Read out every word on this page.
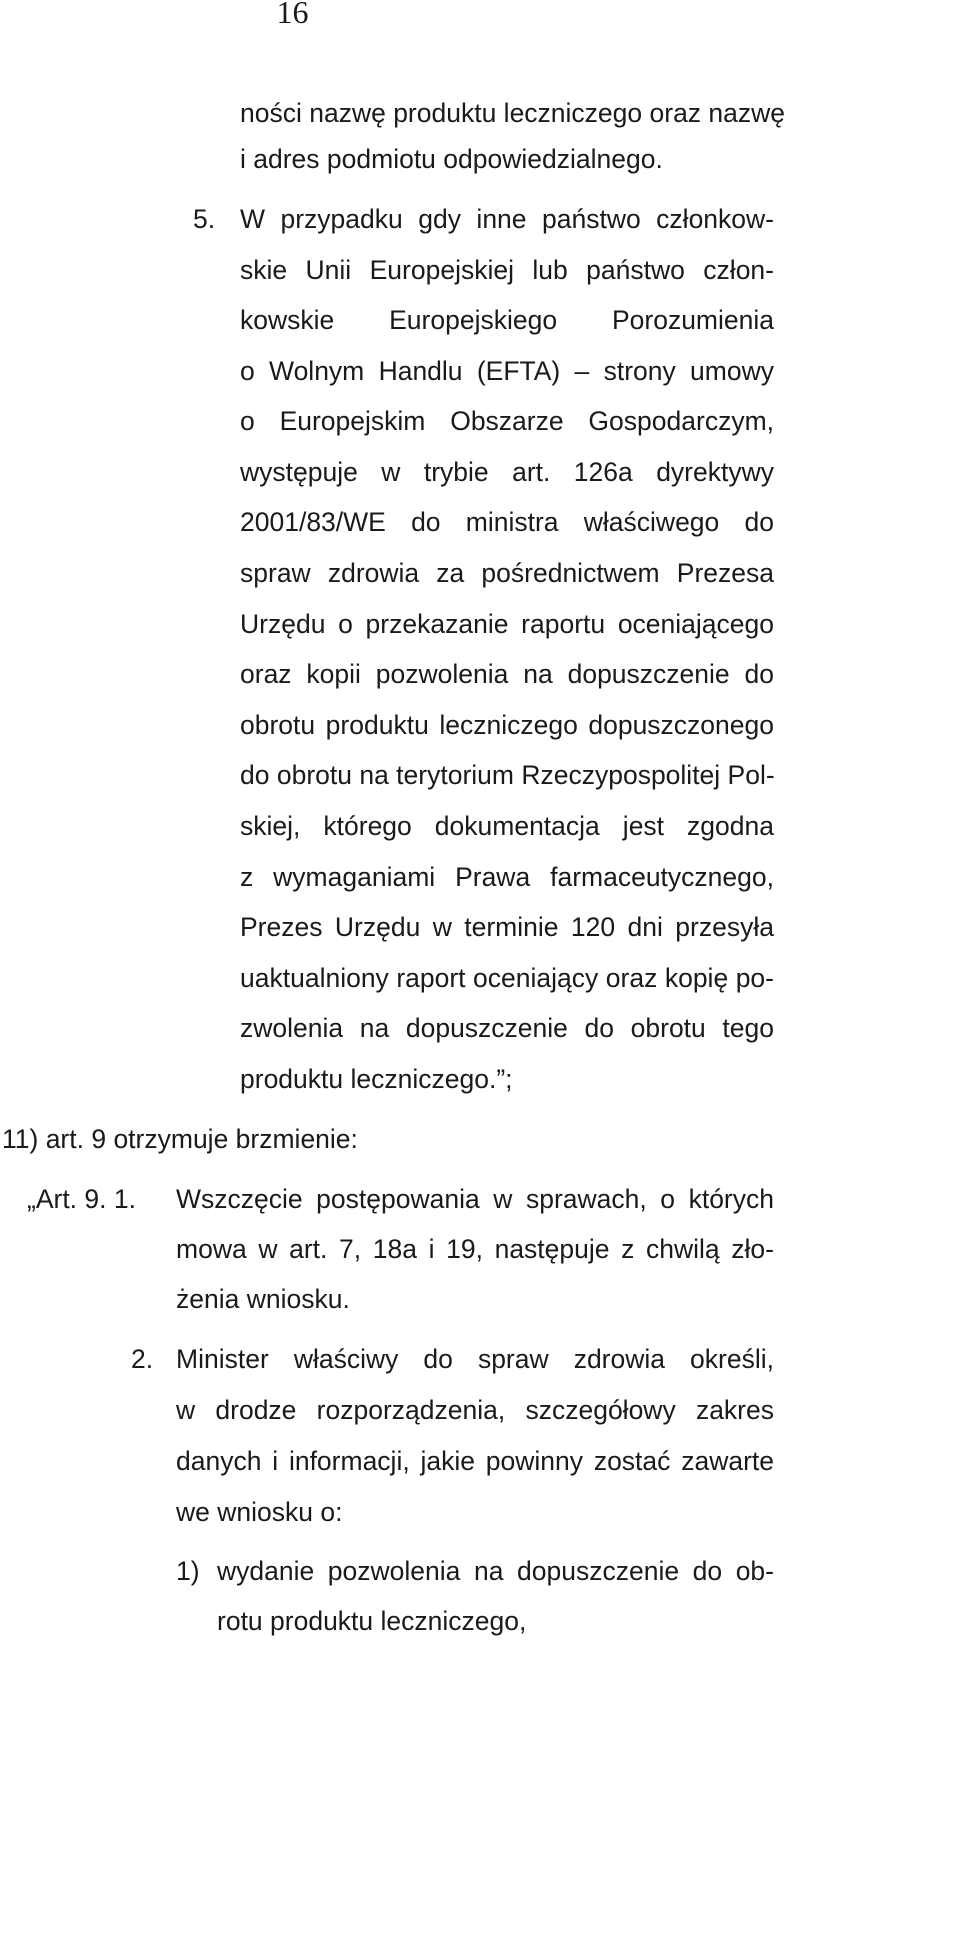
16
ności nazwę produktu leczniczego oraz nazwę
i adres podmiotu odpowiedzialnego.
5. W przypadku gdy inne państwo członkow-
skie Unii Europejskiej lub państwo człon-
kowskie Europejskiego Porozumienia
o Wolnym Handlu (EFTA) – strony umowy
o Europejskim Obszarze Gospodarczym,
występuje w trybie art. 126a dyrektywy
2001/83/WE do ministra właściwego do
spraw zdrowia za pośrednictwem Prezesa
Urzędu o przekazanie raportu oceniającego
oraz kopii pozwolenia na dopuszczenie do
obrotu produktu leczniczego dopuszczonego
do obrotu na terytorium Rzeczypospolitej Pol-
skiej, którego dokumentacja jest zgodna
z wymaganiami Prawa farmaceutycznego,
Prezes Urzędu w terminie 120 dni przesyła
uaktualniony raport oceniający oraz kopię po-
zwolenia na dopuszczenie do obrotu tego
produktu leczniczego.”;
11) art. 9 otrzymuje brzmienie:
„Art. 9. 1. Wszczęcie postępowania w sprawach, o których
mowa w art. 7, 18a i 19, następuje z chwilą zło-
żenia wniosku.
2. Minister właściwy do spraw zdrowia określi,
w drodze rozporządzenia, szczegółowy zakres
danych i informacji, jakie powinny zostać zawarte
we wniosku o:
1) wydanie pozwolenia na dopuszczenie do ob-
rotu produktu leczniczego,
